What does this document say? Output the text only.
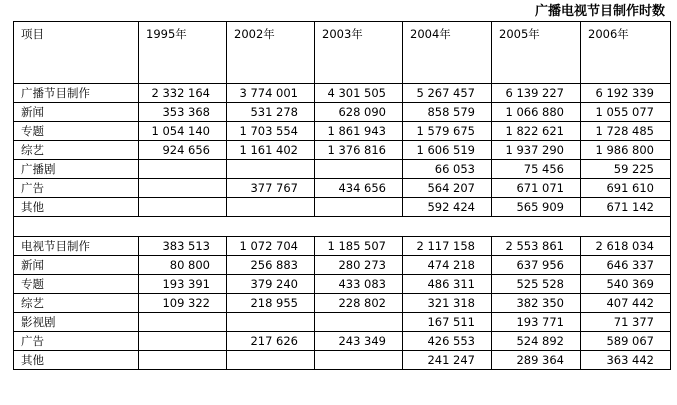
广播电视节目制作时数
项目	1995年	2002年	2003年	2004年	2005年	2006年
广播节目制作	2 332 164	3 774 001	4 301 505	5 267 457	6 139 227	6 192 339
新闻	353 368	531 278	628 090	858 579	1 066 880	1 055 077
专题	1 054 140	1 703 554	1 861 943	1 579 675	1 822 621	1 728 485
综艺	924 656	1 161 402	1 376 816	1 606 519	1 937 290	1 986 800
广播剧				66 053	75 456	59 225
广告		377 767	434 656	564 207	671 071	691 610
其他				592 424	565 909	671 142

电视节目制作	383 513	1 072 704	1 185 507	2 117 158	2 553 861	2 618 034
新闻	80 800	256 883	280 273	474 218	637 956	646 337
专题	193 391	379 240	433 083	486 311	525 528	540 369
综艺	109 322	218 955	228 802	321 318	382 350	407 442
影视剧				167 511	193 771	71 377
广告		217 626	243 349	426 553	524 892	589 067
其他				241 247	289 364	363 442
